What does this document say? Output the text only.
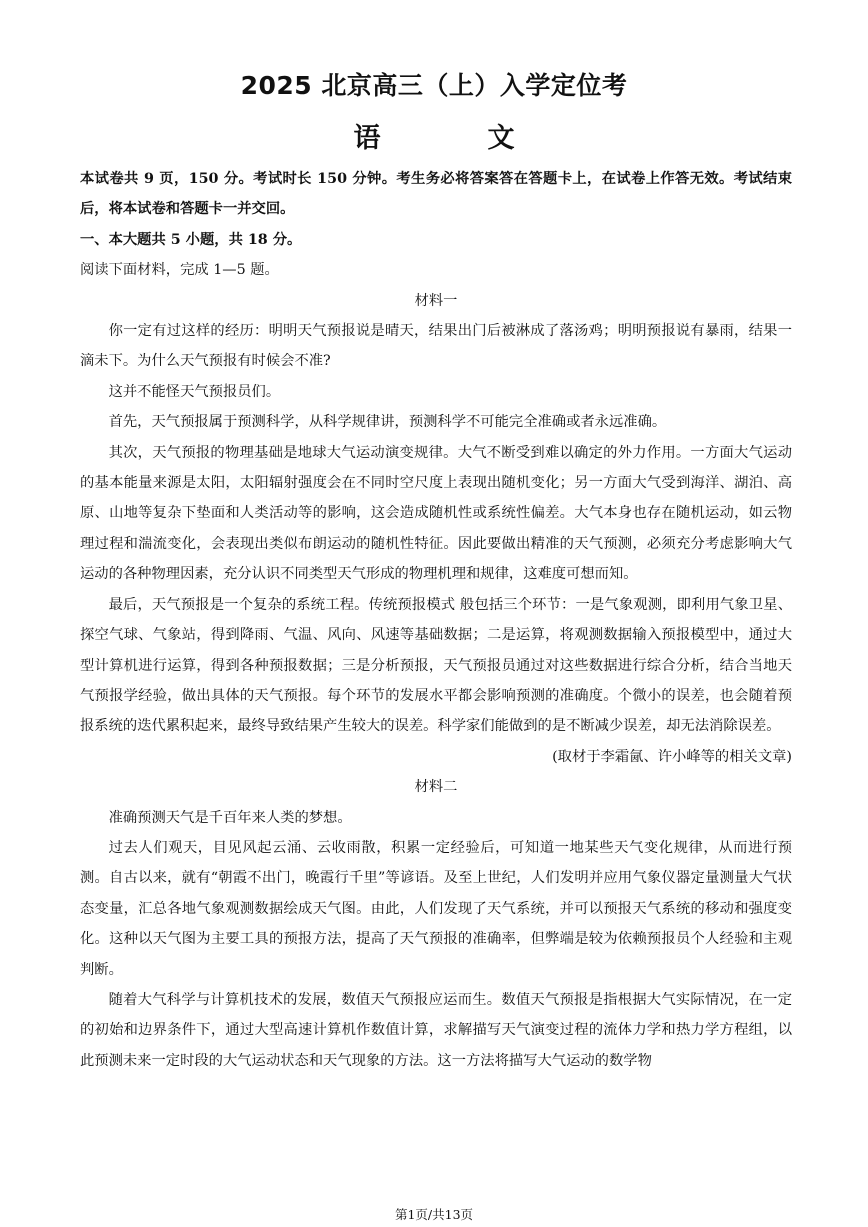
2025 北京高三（上）入学定位考
语　文

本试卷共 9 页，150 分。考试时长 150 分钟。考生务必将答案答在答题卡上，在试卷上作答无效。考试结束后，将本试卷和答题卡一并交回。

一、本大题共 5 小题，共 18 分。

阅读下面材料，完成 1—5 题。

材料一

你一定有过这样的经历：明明天气预报说是晴天，结果出门后被淋成了落汤鸡；明明预报说有暴雨，结果一滴未下。为什么天气预报有时候会不准?

这并不能怪天气预报员们。

首先，天气预报属于预测科学，从科学规律讲，预测科学不可能完全准确或者永远准确。

其次，天气预报的物理基础是地球大气运动演变规律。大气不断受到难以确定的外力作用。一方面大气运动的基本能量来源是太阳，太阳辐射强度会在不同时空尺度上表现出随机变化；另一方面大气受到海洋、湖泊、高原、山地等复杂下垫面和人类活动等的影响，这会造成随机性或系统性偏差。大气本身也存在随机运动，如云物理过程和湍流变化，会表现出类似布朗运动的随机性特征。因此要做出精准的天气预测，必须充分考虑影响大气运动的各种物理因素，充分认识不同类型天气形成的物理机理和规律，这难度可想而知。

最后，天气预报是一个复杂的系统工程。传统预报模式 般包括三个环节：一是气象观测，即利用气象卫星、探空气球、气象站，得到降雨、气温、风向、风速等基础数据；二是运算，将观测数据输入预报模型中，通过大型计算机进行运算，得到各种预报数据；三是分析预报，天气预报员通过对这些数据进行综合分析，结合当地天气预报学经验，做出具体的天气预报。每个环节的发展水平都会影响预测的准确度。个微小的误差，也会随着预报系统的迭代累积起来，最终导致结果产生较大的误差。科学家们能做到的是不断减少误差，却无法消除误差。

(取材于李霜氤、许小峰等的相关文章)

材料二

准确预测天气是千百年来人类的梦想。

过去人们观天，目见风起云涌、云收雨散，积累一定经验后，可知道一地某些天气变化规律，从而进行预测。自古以来，就有“朝霞不出门，晚霞行千里”等谚语。及至上世纪，人们发明并应用气象仪器定量测量大气状态变量，汇总各地气象观测数据绘成天气图。由此，人们发现了天气系统，并可以预报天气系统的移动和强度变化。这种以天气图为主要工具的预报方法，提高了天气预报的准确率，但弊端是较为依赖预报员个人经验和主观判断。

随着大气科学与计算机技术的发展，数值天气预报应运而生。数值天气预报是指根据大气实际情况，在一定的初始和边界条件下，通过大型高速计算机作数值计算，求解描写天气演变过程的流体力学和热力学方程组，以此预测未来一定时段的大气运动状态和天气现象的方法。这一方法将描写大气运动的数学物

第1页/共13页
